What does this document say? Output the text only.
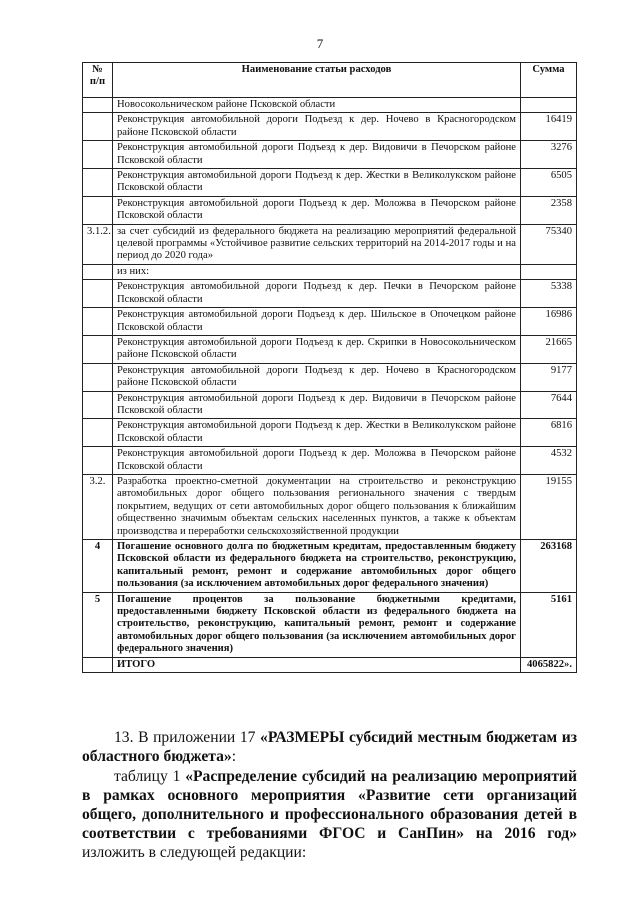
7
№
п/п	Наименование статьи расходов	Сумма
	Новосокольническом районе Псковской области	
	Реконструкция автомобильной дороги Подъезд к дер. Ночево в Красногородском районе Псковской области	16419
	Реконструкция автомобильной дороги Подъезд к дер. Видовичи в Печорском районе Псковской области	3276
	Реконструкция автомобильной дороги Подъезд к дер. Жестки в Великолукском районе Псковской области	6505
	Реконструкция автомобильной дороги Подъезд к дер. Моложва в Печорском районе Псковской области	2358
3.1.2.	за счет субсидий из федерального бюджета на реализацию мероприятий федеральной целевой программы «Устойчивое развитие сельских территорий на 2014-2017 годы и на период до 2020 года»	75340
	из них:	
	Реконструкция автомобильной дороги Подъезд к дер. Печки в Печорском районе Псковской области	5338
	Реконструкция автомобильной дороги Подъезд к дер. Шильское в Опочецком районе Псковской области	16986
	Реконструкция автомобильной дороги Подъезд к дер. Скрипки в Новосокольническом районе Псковской области	21665
	Реконструкция автомобильной дороги Подъезд к дер. Ночево в Красногородском районе Псковской области	9177
	Реконструкция автомобильной дороги Подъезд к дер. Видовичи в Печорском районе Псковской области	7644
	Реконструкция автомобильной дороги Подъезд к дер. Жестки в Великолукском районе Псковской области	6816
	Реконструкция автомобильной дороги Подъезд к дер. Моложва в Печорском районе Псковской области	4532
3.2.	Разработка проектно-сметной документации на строительство и реконструкцию автомобильных дорог общего пользования регионального значения с твердым покрытием, ведущих от сети автомобильных дорог общего пользования к ближайшим общественно значимым объектам сельских населенных пунктов, а также к объектам производства и переработки сельскохозяйственной продукции	19155
4	Погашение основного долга по бюджетным кредитам, предоставленным бюджету Псковской области из федерального бюджета на строительство, реконструкцию, капитальный ремонт, ремонт и содержание автомобильных дорог общего пользования (за исключением автомобильных дорог федерального значения)	263168
5	Погашение процентов за пользование бюджетными кредитами, предоставленными бюджету Псковской области из федерального бюджета на строительство, реконструкцию, капитальный ремонт, ремонт и содержание автомобильных дорог общего пользования (за исключением автомобильных дорог федерального значения)	5161
	ИТОГО	4065822».
13. В приложении 17 «РАЗМЕРЫ субсидий местным бюджетам из областного бюджета»:
таблицу 1 «Распределение субсидий на реализацию мероприятий в рамках основного мероприятия «Развитие сети организаций общего, дополнительного и профессионального образования детей в соответствии с требованиями ФГОС и СанПин» на 2016 год» изложить в следующей редакции:
